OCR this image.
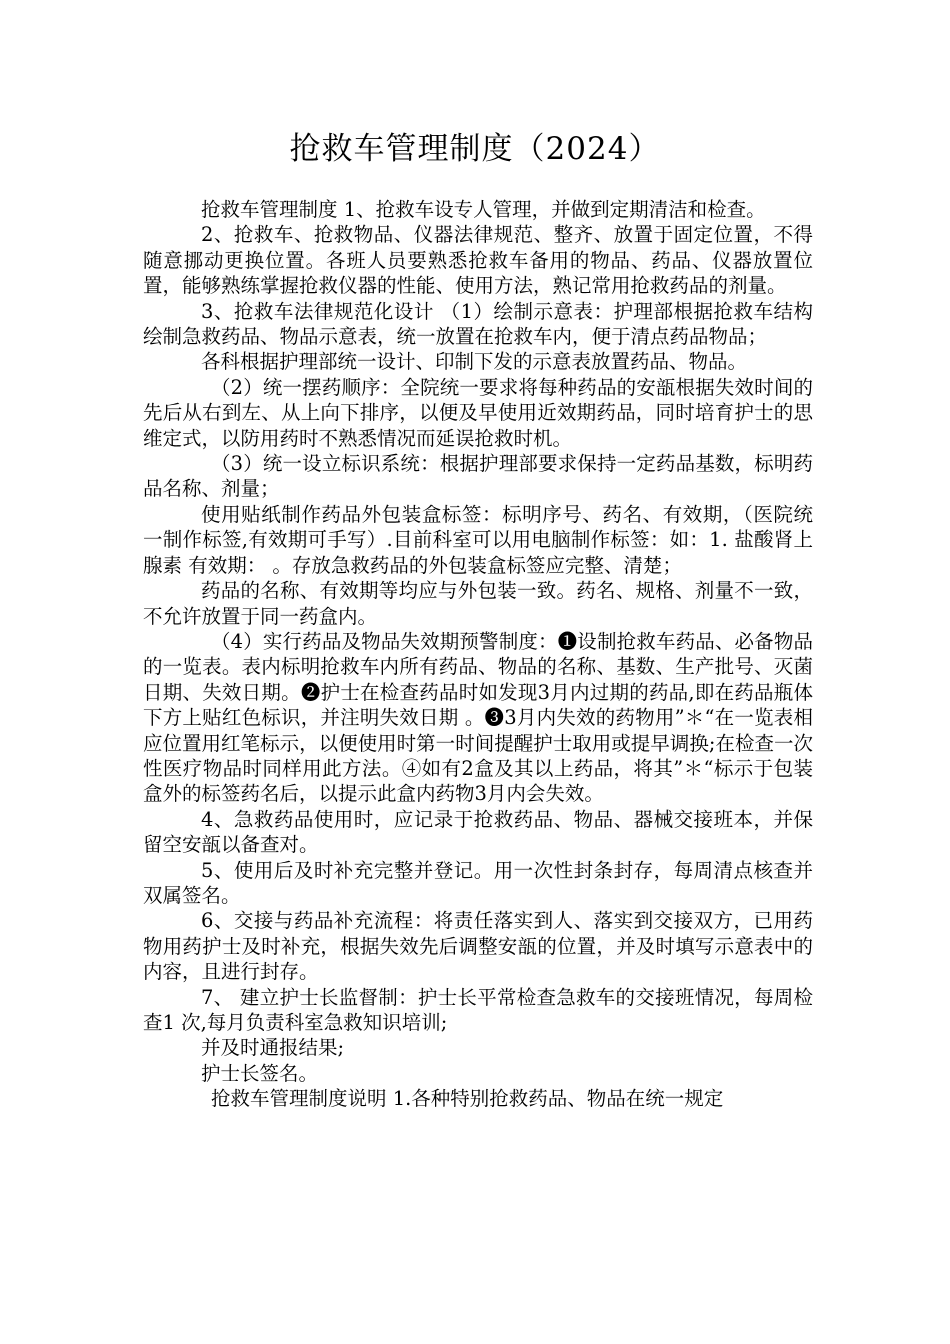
抢救车管理制度（2024）

抢救车管理制度 1、抢救车设专人管理，并做到定期清洁和检查。

2、抢救车、抢救物品、仪器法律规范、整齐、放置于固定位置，不得随意挪动更换位置。各班人员要熟悉抢救车备用的物品、药品、仪器放置位置，能够熟练掌握抢救仪器的性能、使用方法，熟记常用抢救药品的剂量。

3、抢救车法律规范化设计 （1）绘制示意表：护理部根据抢救车结构绘制急救药品、物品示意表，统一放置在抢救车内，便于清点药品物品；

各科根据护理部统一设计、印制下发的示意表放置药品、物品。

（2）统一摆药顺序：全院统一要求将每种药品的安瓿根据失效时间的先后从右到左、从上向下排序，以便及早使用近效期药品，同时培育护士的思维定式，以防用药时不熟悉情况而延误抢救时机。

（3）统一设立标识系统：根据护理部要求保持一定药品基数，标明药品名称、剂量；

使用贴纸制作药品外包装盒标签：标明序号、药名、有效期，（医院统一制作标签,有效期可手写）.目前科室可以用电脑制作标签：如：1. 盐酸肾上腺素 有效期： 。存放急救药品的外包装盒标签应完整、清楚；

药品的名称、有效期等均应与外包装一致。药名、规格、剂量不一致，不允许放置于同一药盒内。

（4）实行药品及物品失效期预警制度：❶设制抢救车药品、必备物品的一览表。表内标明抢救车内所有药品、物品的名称、基数、生产批号、灭菌日期、失效日期。❷护士在检查药品时如发现3月内过期的药品,即在药品瓶体下方上贴红色标识，并注明失效日期 。❸3月内失效的药物用”＊“在一览表相应位置用红笔标示，以便使用时第一时间提醒护士取用或提早调换;在检查一次性医疗物品时同样用此方法。④如有2盒及其以上药品，将其”＊“标示于包装盒外的标签药名后，以提示此盒内药物3月内会失效。

4、急救药品使用时，应记录于抢救药品、物品、器械交接班本，并保留空安瓿以备查对。

5、使用后及时补充完整并登记。用一次性封条封存，每周清点核查并双属签名。

6、交接与药品补充流程：将责任落实到人、落实到交接双方，已用药物用药护士及时补充，根据失效先后调整安瓿的位置，并及时填写示意表中的内容，且进行封存。

7、 建立护士长监督制：护士长平常检查急救车的交接班情况，每周检查1 次,每月负责科室急救知识培训;

并及时通报结果;

护士长签名。

抢救车管理制度说明 1.各种特别抢救药品、物品在统一规定
